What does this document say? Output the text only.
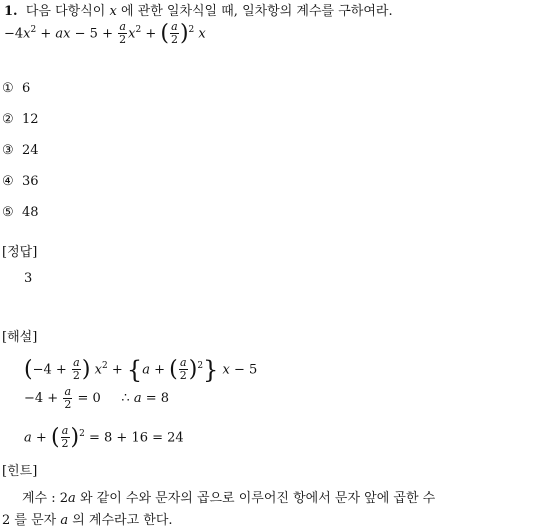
1.  다음 다항식이 x 에 관한 일차식일 때, 일차항의 계수를 구하여라.
$-4x^2$ + ax − $5 + \frac{a}{2} x^2$ + ( $\frac{a}{2} )^2$ x
① 6
② 12
③ 24
④ 36
⑤ 48
[정답]
3
[해설]
($-4 + \frac{a}{2}$ ) $x^2 + \{a$ + ( $\frac{a}{2} )^2$} x − 5
$-4 + \frac{a}{2} = 0$     ∴ a = 8
a + ( $\frac{a}{2} )^2 = 8 + 16 = 24$
[힌트]
계수 : 2a 와 같이 수와 문자의 곱으로 이루어진 항에서 문자 앞에 곱한 수
2 를 문자 a 의 계수라고 한다.
